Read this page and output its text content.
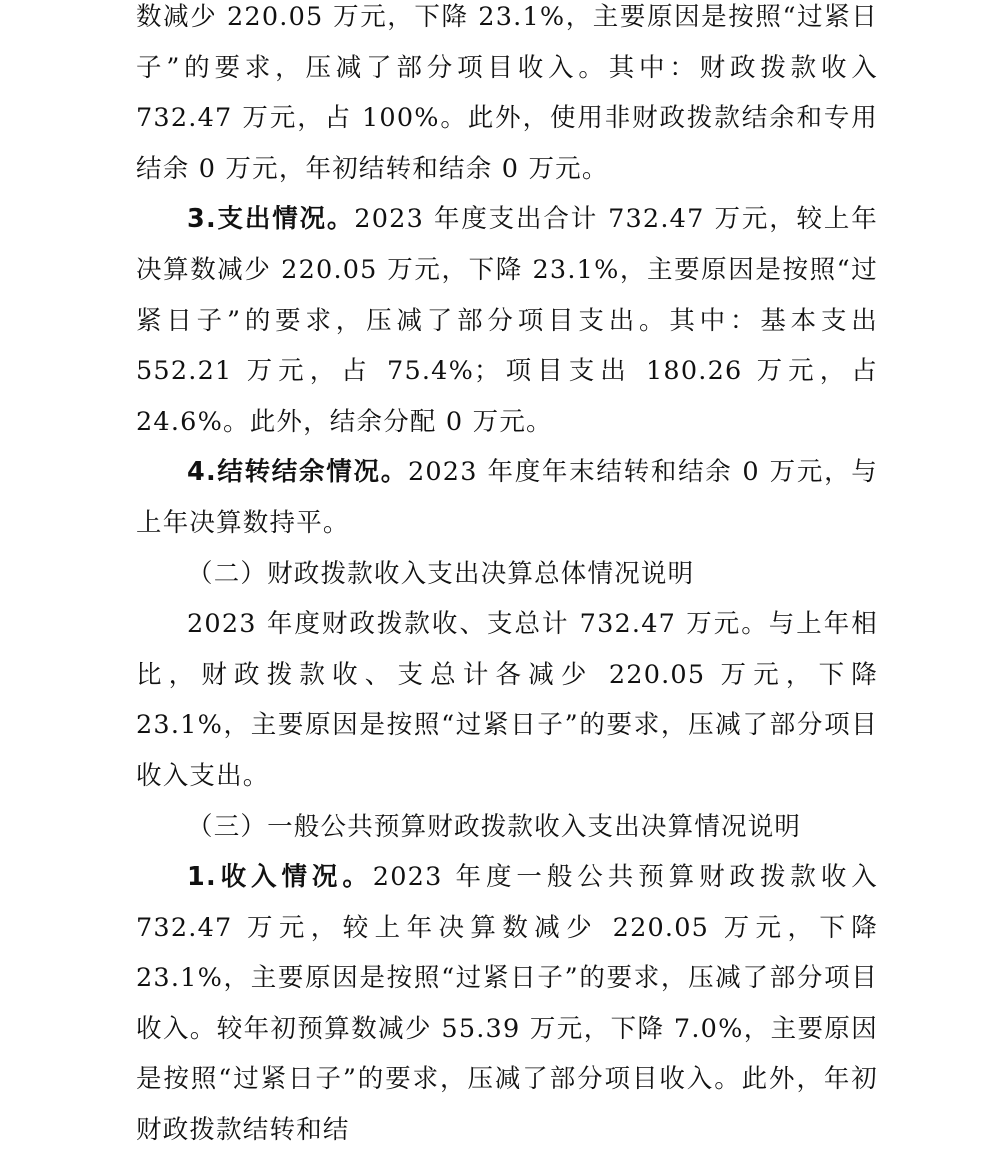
数减少 220.05 万元，下降 23.1%，主要原因是按照“过紧日子”的要求，压减了部分项目收入。其中：财政拨款收入 732.47 万元，占 100%。此外，使用非财政拨款结余和专用结余 0 万元，年初结转和结余 0 万元。

3.支出情况。2023 年度支出合计 732.47 万元，较上年决算数减少 220.05 万元，下降 23.1%，主要原因是按照“过紧日子”的要求，压减了部分项目支出。其中：基本支出 552.21 万元，占 75.4%；项目支出 180.26 万元，占 24.6%。此外，结余分配 0 万元。

4.结转结余情况。2023 年度年末结转和结余 0 万元，与上年决算数持平。

（二）财政拨款收入支出决算总体情况说明

2023 年度财政拨款收、支总计 732.47 万元。与上年相比，财政拨款收、支总计各减少 220.05 万元，下降 23.1%，主要原因是按照“过紧日子”的要求，压减了部分项目收入支出。

（三）一般公共预算财政拨款收入支出决算情况说明

1.收入情况。2023 年度一般公共预算财政拨款收入 732.47 万元，较上年决算数减少 220.05 万元，下降 23.1%，主要原因是按照“过紧日子”的要求，压减了部分项目收入。较年初预算数减少 55.39 万元，下降 7.0%，主要原因是按照“过紧日子”的要求，压减了部分项目收入。此外，年初财政拨款结转和结
